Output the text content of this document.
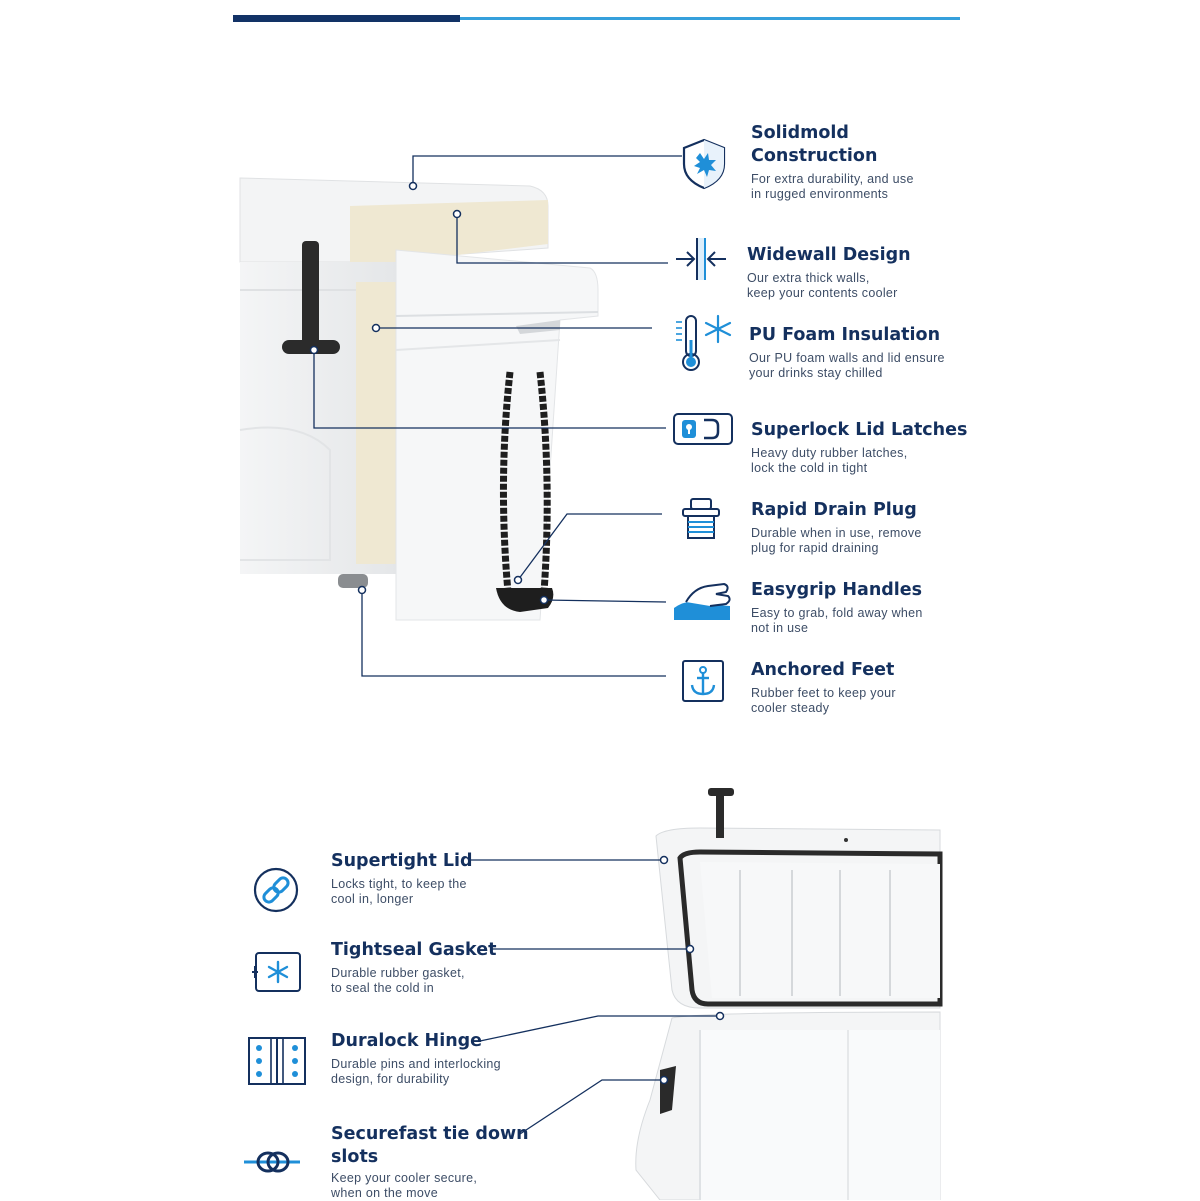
Solidmold
Construction

For extra durability, and use
in rugged environments

Widewall Design

Our extra thick walls,
keep your contents cooler

PU Foam Insulation

Our PU foam walls and lid ensure
your drinks stay chilled

Superlock Lid Latches

Heavy duty rubber latches,
lock the cold in tight

Rapid Drain Plug

Durable when in use, remove
plug for rapid draining

Easygrip Handles

Easy to grab, fold away when
not in use

Anchored Feet

Rubber feet to keep your
cooler steady

Supertight Lid

Locks tight, to keep the
cool in, longer

Tightseal Gasket

Durable rubber gasket,
to seal the cold in

Duralock Hinge

Durable pins and interlocking
design, for durability

Securefast tie down
slots

Keep your cooler secure,
when on the move
